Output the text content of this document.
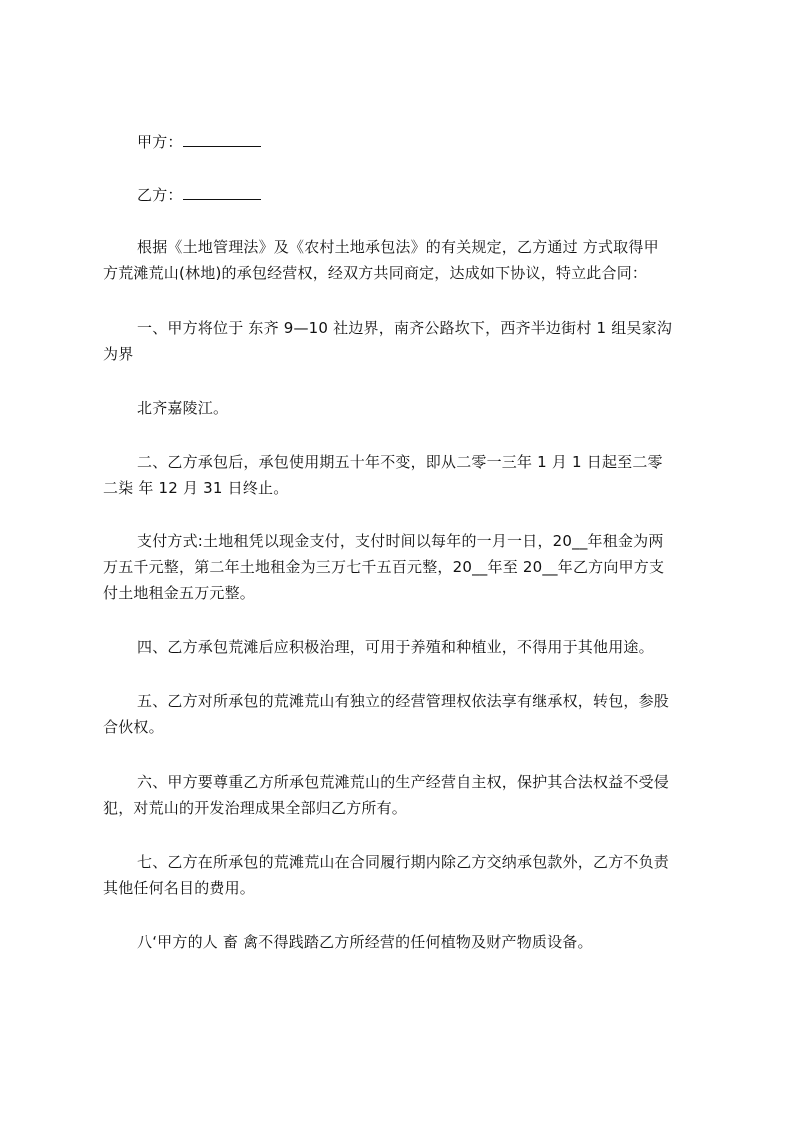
甲方：
乙方：
根据《土地管理法》及《农村土地承包法》的有关规定，乙方通过 方式取得甲
方荒滩荒山(林地)的承包经营权，经双方共同商定，达成如下协议，特立此合同：
一、甲方将位于 东齐 9—10 社边界，南齐公路坎下，西齐半边街村 1 组吴家沟
为界
北齐嘉陵江。
二、乙方承包后，承包使用期五十年不变，即从二零一三年 1 月 1 日起至二零
二柒 年 12 月 31 日终止。
支付方式:土地租凭以现金支付，支付时间以每年的一月一日，20__年租金为两
万五千元整，第二年土地租金为三万七千五百元整，20__年至 20__年乙方向甲方支
付土地租金五万元整。
四、乙方承包荒滩后应积极治理，可用于养殖和种植业，不得用于其他用途。
五、乙方对所承包的荒滩荒山有独立的经营管理权依法享有继承权，转包，参股
合伙权。
六、甲方要尊重乙方所承包荒滩荒山的生产经营自主权，保护其合法权益不受侵
犯，对荒山的开发治理成果全部归乙方所有。
七、乙方在所承包的荒滩荒山在合同履行期内除乙方交纳承包款外，乙方不负责
其他任何名目的费用。
八‘甲方的人 畜 禽不得践踏乙方所经营的任何植物及财产物质设备。
